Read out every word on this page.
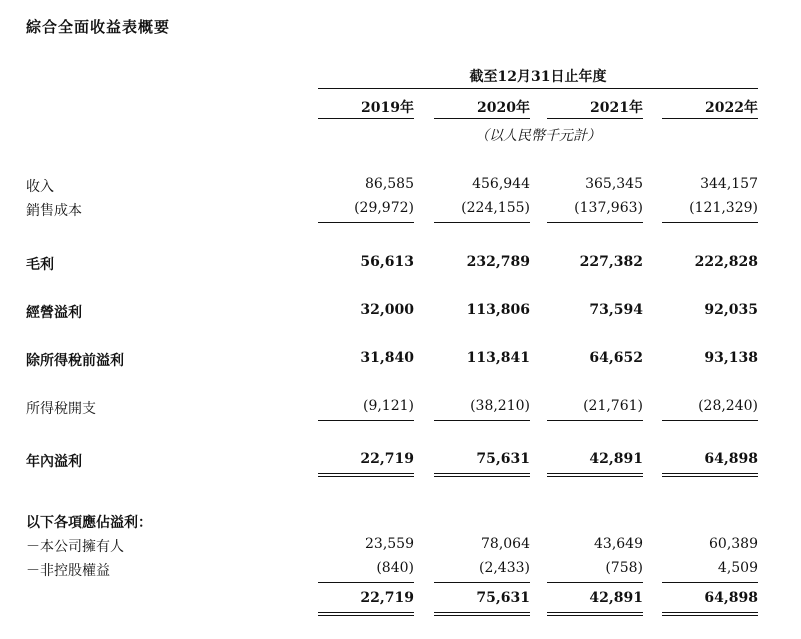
綜合全面收益表概要
截至12月31日止年度
2019年	2020年	2021年	2022年
（以人民幣千元計）
收入	86,585	456,944	365,345	344,157
銷售成本	(29,972)	(224,155)	(137,963)	(121,329)
毛利	56,613	232,789	227,382	222,828
經營溢利	32,000	113,806	73,594	92,035
除所得稅前溢利	31,840	113,841	64,652	93,138
所得稅開支	(9,121)	(38,210)	(21,761)	(28,240)
年內溢利	22,719	75,631	42,891	64,898
以下各項應佔溢利：
－本公司擁有人	23,559	78,064	43,649	60,389
－非控股權益	(840)	(2,433)	(758)	4,509
22,719	75,631	42,891	64,898
